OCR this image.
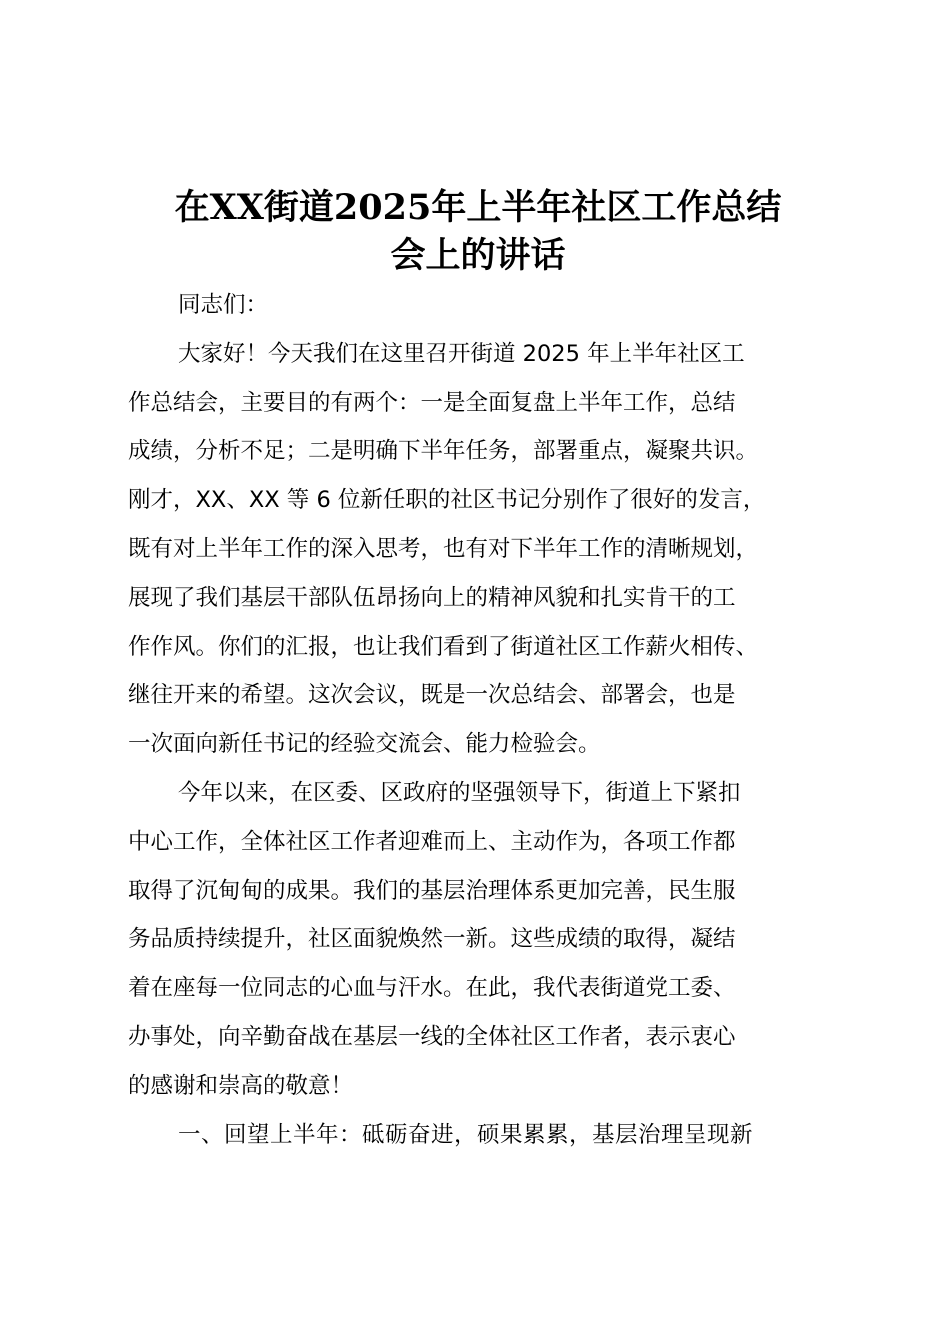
在XX街道2025年上半年社区工作总结
会上的讲话

同志们：

大家好！今天我们在这里召开街道 2025 年上半年社区工
作总结会，主要目的有两个：一是全面复盘上半年工作，总结
成绩，分析不足；二是明确下半年任务，部署重点，凝聚共识。
刚才，XX、XX 等 6 位新任职的社区书记分别作了很好的发言，
既有对上半年工作的深入思考，也有对下半年工作的清晰规划，
展现了我们基层干部队伍昂扬向上的精神风貌和扎实肯干的工
作作风。你们的汇报，也让我们看到了街道社区工作薪火相传、
继往开来的希望。这次会议，既是一次总结会、部署会，也是
一次面向新任书记的经验交流会、能力检验会。

今年以来，在区委、区政府的坚强领导下，街道上下紧扣
中心工作，全体社区工作者迎难而上、主动作为，各项工作都
取得了沉甸甸的成果。我们的基层治理体系更加完善，民生服
务品质持续提升，社区面貌焕然一新。这些成绩的取得，凝结
着在座每一位同志的心血与汗水。在此，我代表街道党工委、
办事处，向辛勤奋战在基层一线的全体社区工作者，表示衷心
的感谢和崇高的敬意！

一、回望上半年：砥砺奋进，硕果累累，基层治理呈现新
